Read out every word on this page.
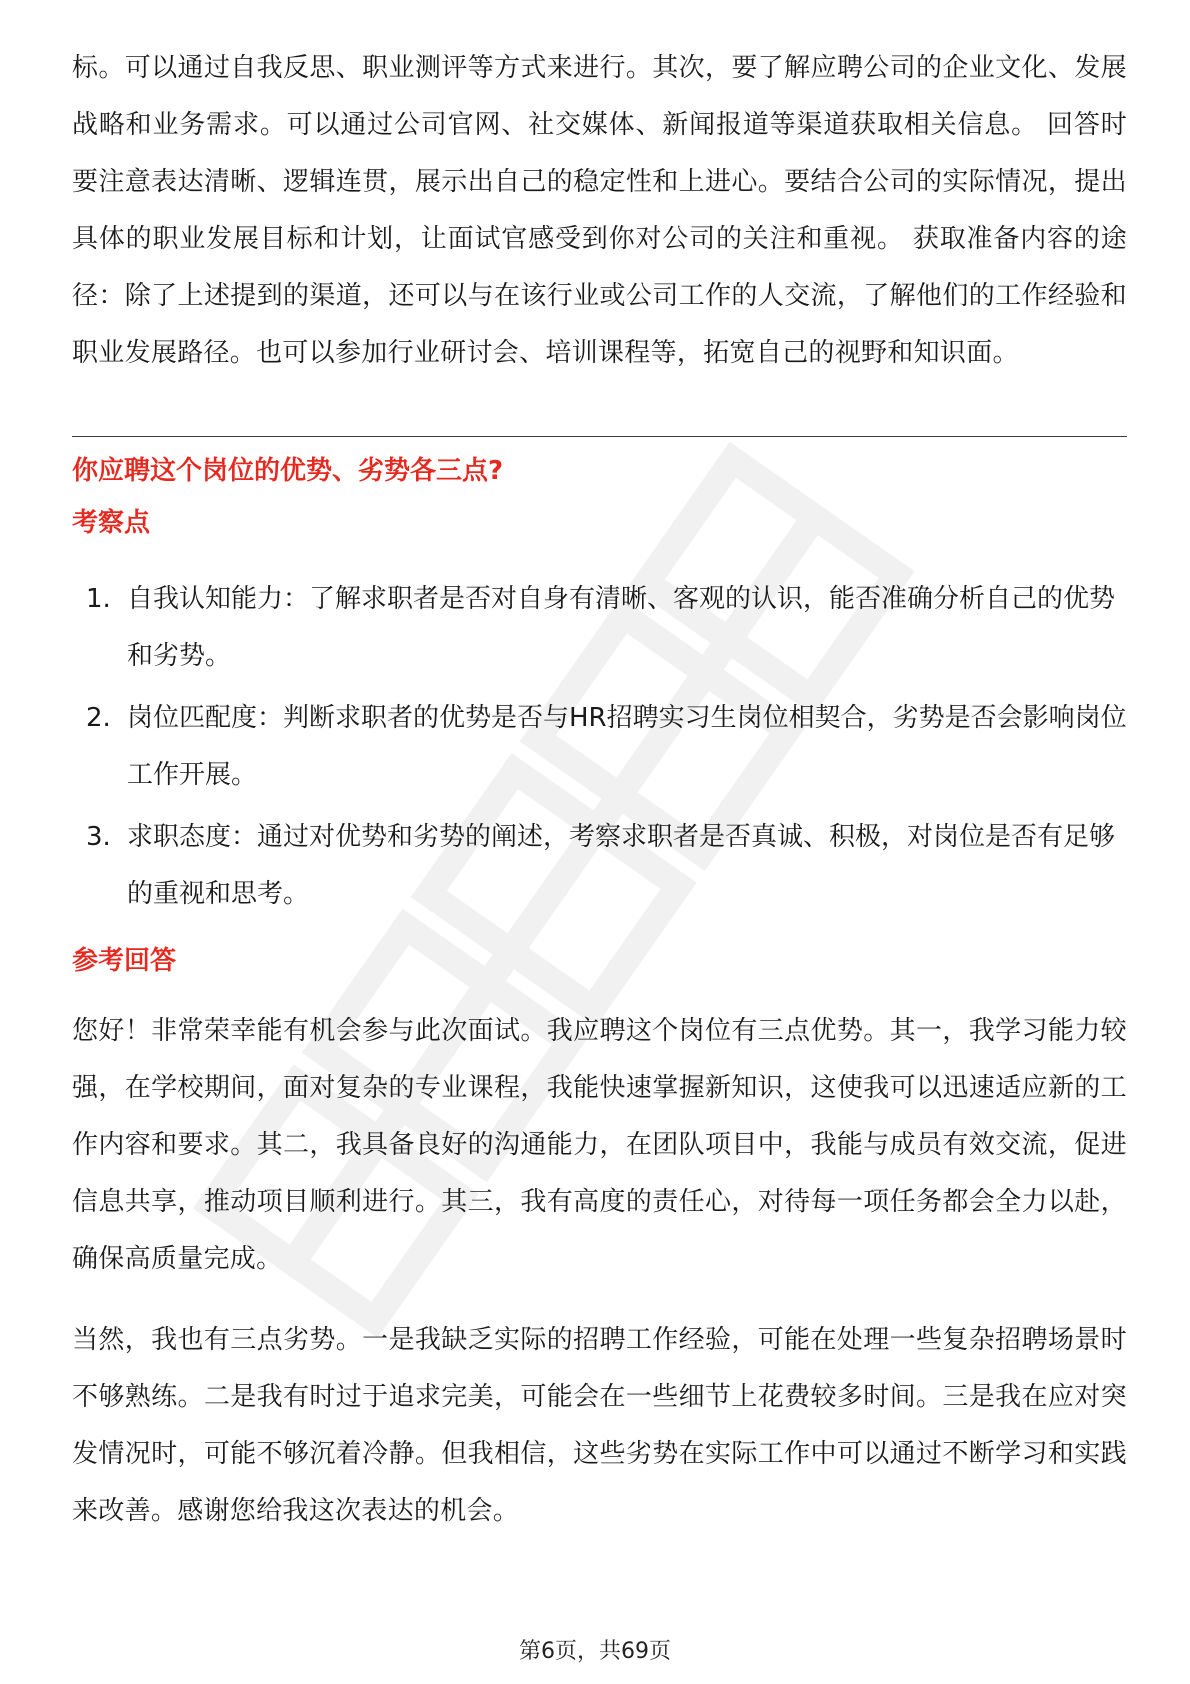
标。可以通过自我反思、职业测评等方式来进行。其次，要了解应聘公司的企业文化、发展战略和业务需求。可以通过公司官网、社交媒体、新闻报道等渠道获取相关信息。 回答时要注意表达清晰、逻辑连贯，展示出自己的稳定性和上进心。要结合公司的实际情况，提出具体的职业发展目标和计划，让面试官感受到你对公司的关注和重视。 获取准备内容的途径：除了上述提到的渠道，还可以与在该行业或公司工作的人交流，了解他们的工作经验和职业发展路径。也可以参加行业研讨会、培训课程等，拓宽自己的视野和知识面。

你应聘这个岗位的优势、劣势各三点?
考察点
1. 自我认知能力：了解求职者是否对自身有清晰、客观的认识，能否准确分析自己的优势和劣势。
2. 岗位匹配度：判断求职者的优势是否与HR招聘实习生岗位相契合，劣势是否会影响岗位工作开展。
3. 求职态度：通过对优势和劣势的阐述，考察求职者是否真诚、积极，对岗位是否有足够的重视和思考。
参考回答

您好！非常荣幸能有机会参与此次面试。我应聘这个岗位有三点优势。其一，我学习能力较强，在学校期间，面对复杂的专业课程，我能快速掌握新知识，这使我可以迅速适应新的工作内容和要求。其二，我具备良好的沟通能力，在团队项目中，我能与成员有效交流，促进信息共享，推动项目顺利进行。其三，我有高度的责任心，对待每一项任务都会全力以赴，确保高质量完成。

当然，我也有三点劣势。一是我缺乏实际的招聘工作经验，可能在处理一些复杂招聘场景时不够熟练。二是我有时过于追求完美，可能会在一些细节上花费较多时间。三是我在应对突发情况时，可能不够沉着冷静。但我相信，这些劣势在实际工作中可以通过不断学习和实践来改善。感谢您给我这次表达的机会。

第6页，共69页
